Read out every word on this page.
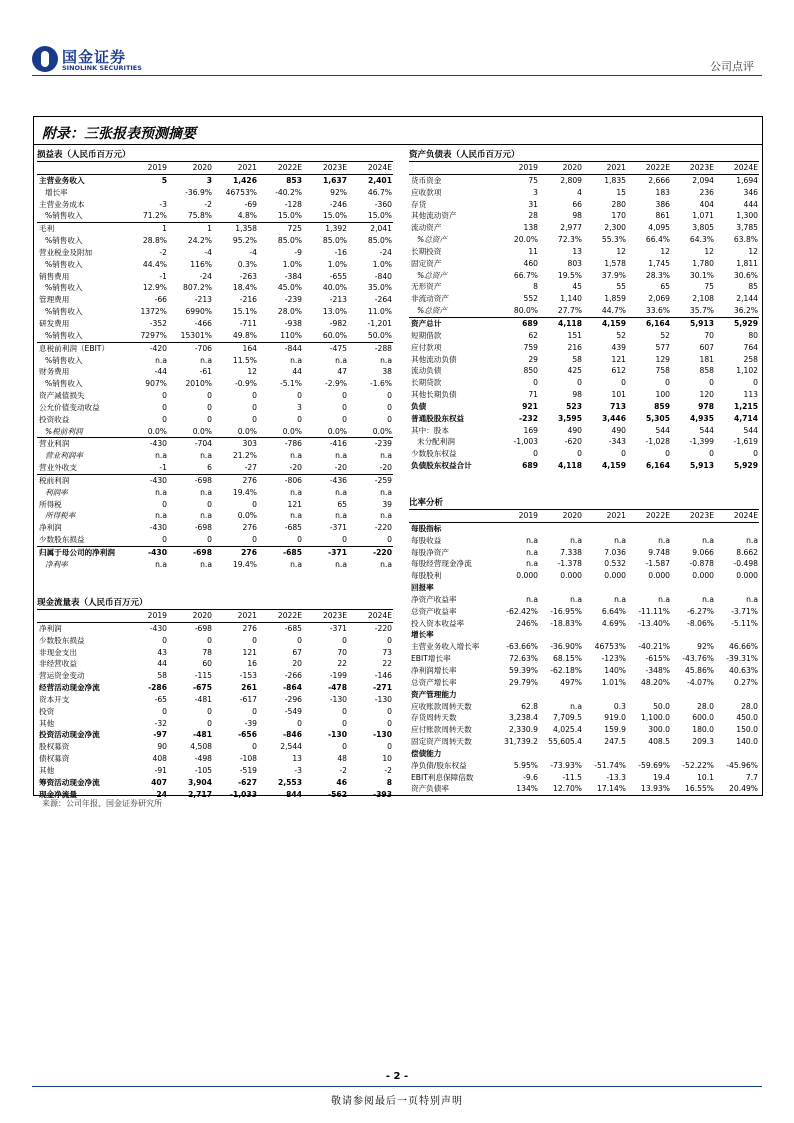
国金证券
SINOLINK SECURITIES	公司点评
附录：三张报表预测摘要
损益表（人民币百万元）
	2019	2020	2021	2022E	2023E	2024E
主营业务收入	5	3	1,426	853	1,637	2,401
增长率		-36.9%	46753%	-40.2%	92%	46.7%
主营业务成本	-3	-2	-69	-128	-246	-360
%销售收入	71.2%	75.8%	4.8%	15.0%	15.0%	15.0%
毛利	1	1	1,358	725	1,392	2,041
%销售收入	28.8%	24.2%	95.2%	85.0%	85.0%	85.0%
营业税金及附加	-2	-4	-4	-9	-16	-24
%销售收入	44.4%	116%	0.3%	1.0%	1.0%	1.0%
销售费用	-1	-24	-263	-384	-655	-840
%销售收入	12.9%	807.2%	18.4%	45.0%	40.0%	35.0%
管理费用	-66	-213	-216	-239	-213	-264
%销售收入	1372%	6990%	15.1%	28.0%	13.0%	11.0%
研发费用	-352	-466	-711	-938	-982	-1,201
%销售收入	7297%	15301%	49.8%	110%	60.0%	50.0%
息税前利润（EBIT）	-420	-706	164	-844	-475	-288
%销售收入	n.a	n.a	11.5%	n.a	n.a	n.a
财务费用	-44	-61	12	44	47	38
%销售收入	907%	2010%	-0.9%	-5.1%	-2.9%	-1.6%
资产减值损失	0	0	0	0	0	0
公允价值变动收益	0	0	0	3	0	0
投资收益	0	0	0	0	0	0
%税前利润	0.0%	0.0%	0.0%	0.0%	0.0%	0.0%
营业利润	-430	-704	303	-786	-416	-239
营业利润率	n.a	n.a	21.2%	n.a	n.a	n.a
营业外收支	-1	6	-27	-20	-20	-20
税前利润	-430	-698	276	-806	-436	-259
利润率	n.a	n.a	19.4%	n.a	n.a	n.a
所得税	0	0	0	121	65	39
所得税率	n.a	n.a	0.0%	n.a	n.a	n.a
净利润	-430	-698	276	-685	-371	-220
少数股东损益	0	0	0	0	0	0
归属于母公司的净利润	-430	-698	276	-685	-371	-220
净利率	n.a	n.a	19.4%	n.a	n.a	n.a
现金流量表（人民币百万元）
	2019	2020	2021	2022E	2023E	2024E
净利润	-430	-698	276	-685	-371	-220
少数股东损益	0	0	0	0	0	0
非现金支出	43	78	121	67	70	73
非经营收益	44	60	16	20	22	22
营运资金变动	58	-115	-153	-266	-199	-146
经营活动现金净流	-286	-675	261	-864	-478	-271
资本开支	-65	-481	-617	-296	-130	-130
投资	0	0	0	-549	0	0
其他	-32	0	-39	0	0	0
投资活动现金净流	-97	-481	-656	-846	-130	-130
股权募资	90	4,508	0	2,544	0	0
债权募资	408	-498	-108	13	48	10
其他	-91	-105	-519	-3	-2	-2
筹资活动现金净流	407	3,904	-627	2,553	46	8
现金净流量	24	2,717	-1,033	844	-562	-393
资产负债表（人民币百万元）
	2019	2020	2021	2022E	2023E	2024E
货币资金	75	2,809	1,835	2,666	2,094	1,694
应收款项	3	4	15	183	236	346
存货	31	66	280	386	404	444
其他流动资产	28	98	170	861	1,071	1,300
流动资产	138	2,977	2,300	4,095	3,805	3,785
%总资产	20.0%	72.3%	55.3%	66.4%	64.3%	63.8%
长期投资	11	13	12	12	12	12
固定资产	460	803	1,578	1,745	1,780	1,811
%总资产	66.7%	19.5%	37.9%	28.3%	30.1%	30.6%
无形资产	8	45	55	65	75	85
非流动资产	552	1,140	1,859	2,069	2,108	2,144
%总资产	80.0%	27.7%	44.7%	33.6%	35.7%	36.2%
资产总计	689	4,118	4,159	6,164	5,913	5,929
短期借款	62	151	52	52	70	80
应付款项	759	216	439	577	607	764
其他流动负债	29	58	121	129	181	258
流动负债	850	425	612	758	858	1,102
长期贷款	0	0	0	0	0	0
其他长期负债	71	98	101	100	120	113
负债	921	523	713	859	978	1,215
普通股股东权益	-232	3,595	3,446	5,305	4,935	4,714
其中：股本	169	490	490	544	544	544
未分配利润	-1,003	-620	-343	-1,028	-1,399	-1,619
少数股东权益	0	0	0	0	0	0
负债股东权益合计	689	4,118	4,159	6,164	5,913	5,929
比率分析
	2019	2020	2021	2022E	2023E	2024E
每股指标						
每股收益	n.a	n.a	n.a	n.a	n.a	n.a
每股净资产	n.a	7.338	7.036	9.748	9.066	8.662
每股经营现金净流	n.a	-1.378	0.532	-1.587	-0.878	-0.498
每股股利	0.000	0.000	0.000	0.000	0.000	0.000
回报率						
净资产收益率	n.a	n.a	n.a	n.a	n.a	n.a
总资产收益率	-62.42%	-16.95%	6.64%	-11.11%	-6.27%	-3.71%
投入资本收益率	246%	-18.83%	4.69%	-13.40%	-8.06%	-5.11%
增长率						
主营业务收入增长率	-63.66%	-36.90%	46753%	-40.21%	92%	46.66%
EBIT增长率	72.63%	68.15%	-123%	-615%	-43.76%	-39.31%
净利润增长率	59.39%	-62.18%	140%	-348%	45.86%	40.63%
总资产增长率	29.79%	497%	1.01%	48.20%	-4.07%	0.27%
资产管理能力						
应收账款周转天数	62.8	n.a	0.3	50.0	28.0	28.0
存货周转天数	3,238.4	7,709.5	919.0	1,100.0	600.0	450.0
应付账款周转天数	2,330.9	4,025.4	159.9	300.0	180.0	150.0
固定资产周转天数	31,739.2	55,605.4	247.5	408.5	209.3	140.0
偿债能力						
净负债/股东权益	5.95%	-73.93%	-51.74%	-59.69%	-52.22%	-45.96%
EBIT利息保障倍数	-9.6	-11.5	-13.3	19.4	10.1	7.7
资产负债率	134%	12.70%	17.14%	13.93%	16.55%	20.49%
来源：公司年报、国金证券研究所
- 2 -
敬请参阅最后一页特别声明
